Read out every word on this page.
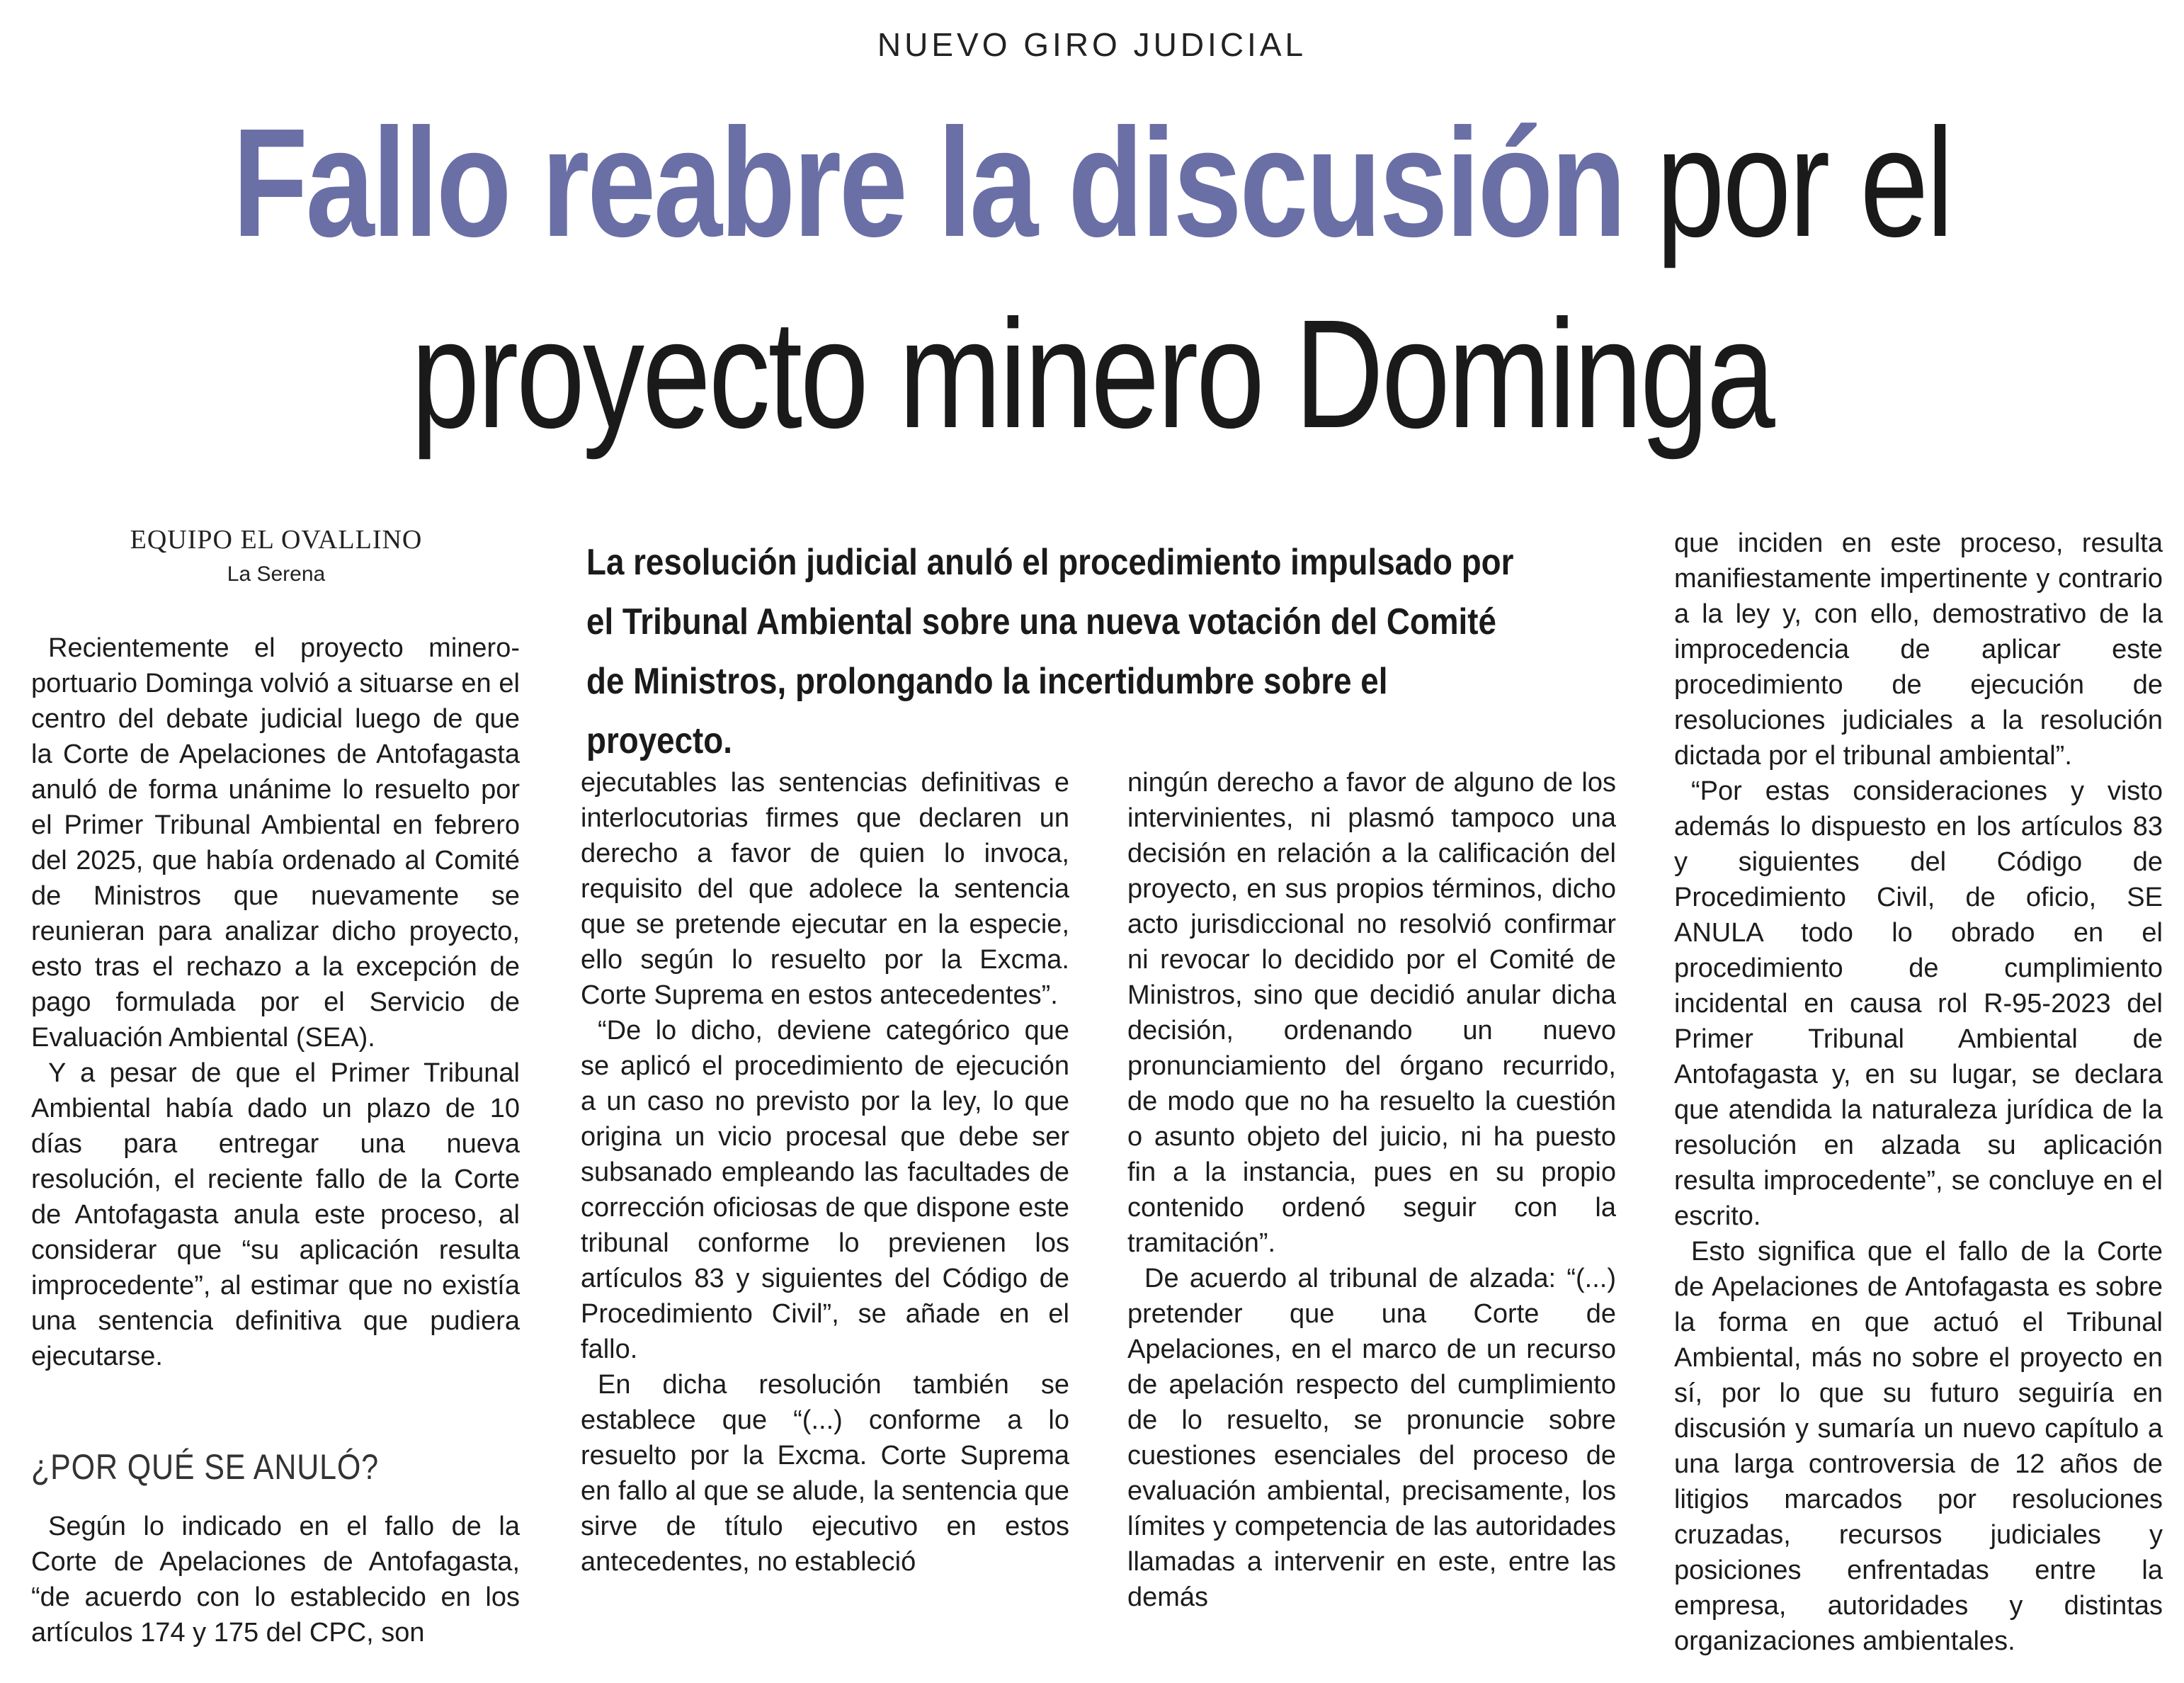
NUEVO GIRO JUDICIAL
Fallo reabre la discusión por el
proyecto minero Dominga
EQUIPO EL OVALLINO
La Serena	La resolución judicial anuló el procedimiento impulsado por el Tribunal Ambiental sobre una nueva votación del Comité de Ministros, prolongando la incertidumbre sobre el proyecto.

Recientemente el proyecto minero-portuario Dominga volvió a situarse en el centro del debate judicial luego de que la Corte de Apelaciones de Antofagasta anuló de forma unánime lo resuelto por el Primer Tribunal Ambiental en febrero del 2025, que había ordenado al Comité de Ministros que nuevamente se reunieran para analizar dicho proyecto, esto tras el rechazo a la excepción de pago formulada por el Servicio de Evaluación Ambiental (SEA).

Y a pesar de que el Primer Tribunal Ambiental había dado un plazo de 10 días para entregar una nueva resolución, el reciente fallo de la Corte de Antofagasta anula este proceso, al considerar que “su aplicación resulta improcedente”, al estimar que no existía una sentencia definitiva que pudiera ejecutarse.

¿POR QUÉ SE ANULÓ?

Según lo indicado en el fallo de la Corte de Apelaciones de Antofagasta, “de acuerdo con lo establecido en los artículos 174 y 175 del CPC, son

ejecutables las sentencias definitivas e interlocutorias firmes que declaren un derecho a favor de quien lo invoca, requisito del que adolece la sentencia que se pretende ejecutar en la especie, ello según lo resuelto por la Excma. Corte Suprema en estos antecedentes”.

“De lo dicho, deviene categórico que se aplicó el procedimiento de ejecución a un caso no previsto por la ley, lo que origina un vicio procesal que debe ser subsanado empleando las facultades de corrección oficiosas de que dispone este tribunal conforme lo previenen los artículos 83 y siguientes del Código de Procedimiento Civil”, se añade en el fallo.

En dicha resolución también se establece que “(...) conforme a lo resuelto por la Excma. Corte Suprema en fallo al que se alude, la sentencia que sirve de título ejecutivo en estos antecedentes, no estableció

ningún derecho a favor de alguno de los intervinientes, ni plasmó tampoco una decisión en relación a la calificación del proyecto, en sus propios términos, dicho acto jurisdiccional no resolvió confirmar ni revocar lo decidido por el Comité de Ministros, sino que decidió anular dicha decisión, ordenando un nuevo pronunciamiento del órgano recurrido, de modo que no ha resuelto la cuestión o asunto objeto del juicio, ni ha puesto fin a la instancia, pues en su propio contenido ordenó seguir con la tramitación”.

De acuerdo al tribunal de alzada: “(...) pretender que una Corte de Apelaciones, en el marco de un recurso de apelación respecto del cumplimiento de lo resuelto, se pronuncie sobre cuestiones esenciales del proceso de evaluación ambiental, precisamente, los límites y competencia de las autoridades llamadas a intervenir en este, entre las demás

que inciden en este proceso, resulta manifiestamente impertinente y contrario a la ley y, con ello, demostrativo de la improcedencia de aplicar este procedimiento de ejecución de resoluciones judiciales a la resolución dictada por el tribunal ambiental”.

“Por estas consideraciones y visto además lo dispuesto en los artículos 83 y siguientes del Código de Procedimiento Civil, de oficio, SE ANULA todo lo obrado en el procedimiento de cumplimiento incidental en causa rol R-95-2023 del Primer Tribunal Ambiental de Antofagasta y, en su lugar, se declara que atendida la naturaleza jurídica de la resolución en alzada su aplicación resulta improcedente”, se concluye en el escrito.

Esto significa que el fallo de la Corte de Apelaciones de Antofagasta es sobre la forma en que actuó el Tribunal Ambiental, más no sobre el proyecto en sí, por lo que su futuro seguiría en discusión y sumaría un nuevo capítulo a una larga controversia de 12 años de litigios marcados por resoluciones cruzadas, recursos judiciales y posiciones enfrentadas entre la empresa, autoridades y distintas organizaciones ambientales.
